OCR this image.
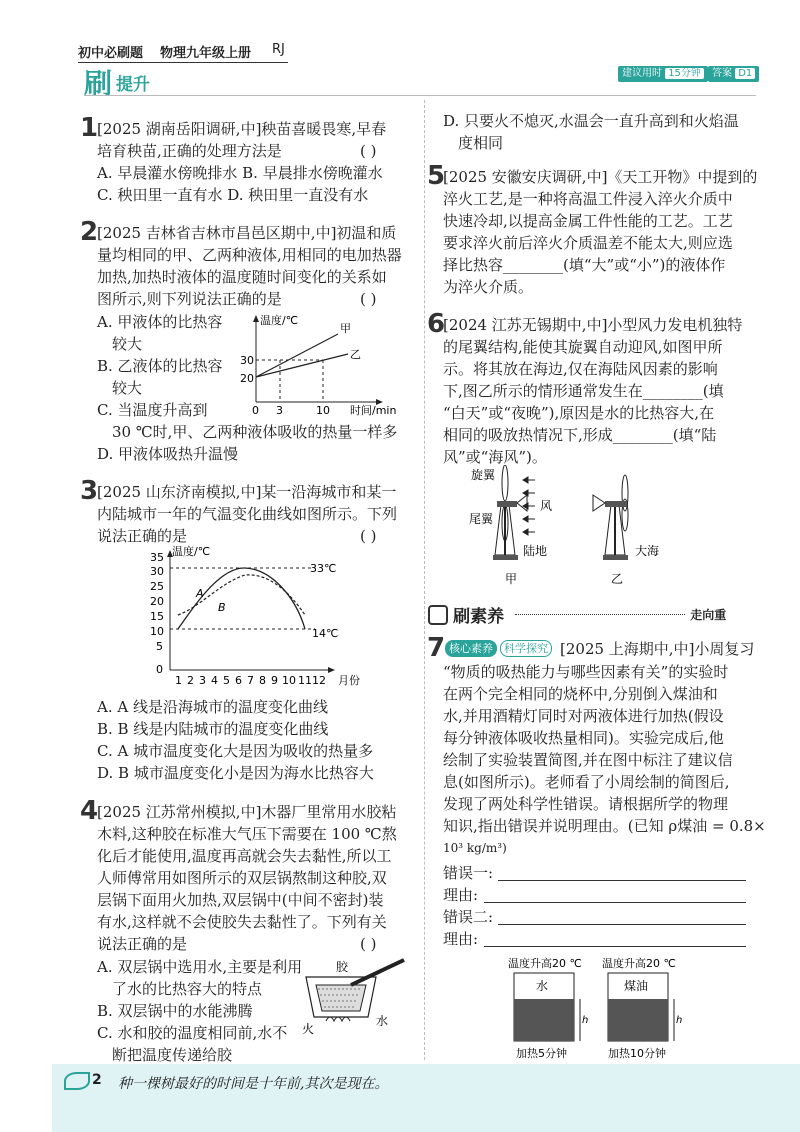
初中必刷题 物理九年级上册 RJ
刷 提升
建议用时 15分钟	答案 D1
1
[2025 湖南岳阳调研,中]秧苗喜暖畏寒,早春
培育秧苗,正确的处理方法是	( )
A. 早晨灌水傍晚排水 B. 早晨排水傍晚灌水
C. 秧田里一直有水 D. 秧田里一直没有水
2
[2025 吉林省吉林市昌邑区期中,中]初温和质
量均相同的甲、乙两种液体,用相同的电加热器
加热,加热时液体的温度随时间变化的关系如
图所示,则下列说法正确的是	( )
A. 甲液体的比热容
较大
B. 乙液体的比热容
较大
C. 当温度升高到
30 ℃时,甲、乙两种液体吸收的热量一样多
D. 甲液体吸热升温慢
温度/℃
甲
乙
30
20
0 3	10 时间/min
3
[2025 山东济南模拟,中]某一沿海城市和某一
内陆城市一年的气温变化曲线如图所示。下列
说法正确的是	( )
35
30
25
20
15
10
5
0
1 2 3 4 5 6 7 8 9 10 11 12
温度/℃
月份
33℃
14℃
A
B
A. A 线是沿海城市的温度变化曲线
B. B 线是内陆城市的温度变化曲线
C. A 城市温度变化大是因为吸收的热量多
D. B 城市温度变化小是因为海水比热容大
4
[2025 江苏常州模拟,中]木器厂里常用水胶粘
木料,这种胶在标准大气压下需要在 100 ℃熬
化后才能使用,温度再高就会失去黏性,所以工
人师傅常用如图所示的双层锅熬制这种胶,双
层锅下面用火加热,双层锅中(中间不密封)装
有水,这样就不会使胶失去黏性了。下列有关
说法正确的是	( )
A. 双层锅中选用水,主要是利用
了水的比热容大的特点
B. 双层锅中的水能沸腾
C. 水和胶的温度相同前,水不
断把温度传递给胶
胶
水
火
D. 只要火不熄灭,水温会一直升高到和火焰温
度相同
5
[2025 安徽安庆调研,中]《天工开物》中提到的
淬火工艺,是一种将高温工件浸入淬火介质中
快速冷却,以提高金属工件性能的工艺。工艺
要求淬火前后淬火介质温差不能太大,则应选
择比热容________(填“大”或“小”)的液体作
为淬火介质。
6
[2024 江苏无锡期中,中]小型风力发电机独特
的尾翼结构,能使其旋翼自动迎风,如图甲所
示。将其放在海边,仅在海陆风因素的影响
下,图乙所示的情形通常发生在________(填
“白天”或“夜晚”),原因是水的比热容大,在
相同的吸放热情况下,形成________(填“陆
风”或“海风”)。
旋翼
尾翼
风
陆地
甲
大海
乙
刷素养	走向重
7 核心素养	科学探究 [2025 上海期中,中]小周复习
“物质的吸热能力与哪些因素有关”的实验时
在两个完全相同的烧杯中,分别倒入煤油和
水,并用酒精灯同时对两液体进行加热(假设
每分钟液体吸收热量相同)。实验完成后,他
绘制了实验装置简图,并在图中标注了建议信
息(如图所示)。老师看了小周绘制的简图后,
发现了两处科学性错误。请根据所学的物理
知识,指出错误并说明理由。(已知 ρ煤油 = 0.8×
10³ kg/m³)
错误一:
理由:
错误二:
理由:
温度升高20 ℃ 温度升高20 ℃
水
h
煤油
h
加热5分钟	加热10分钟
2 种一棵树最好的时间是十年前,其次是现在。
